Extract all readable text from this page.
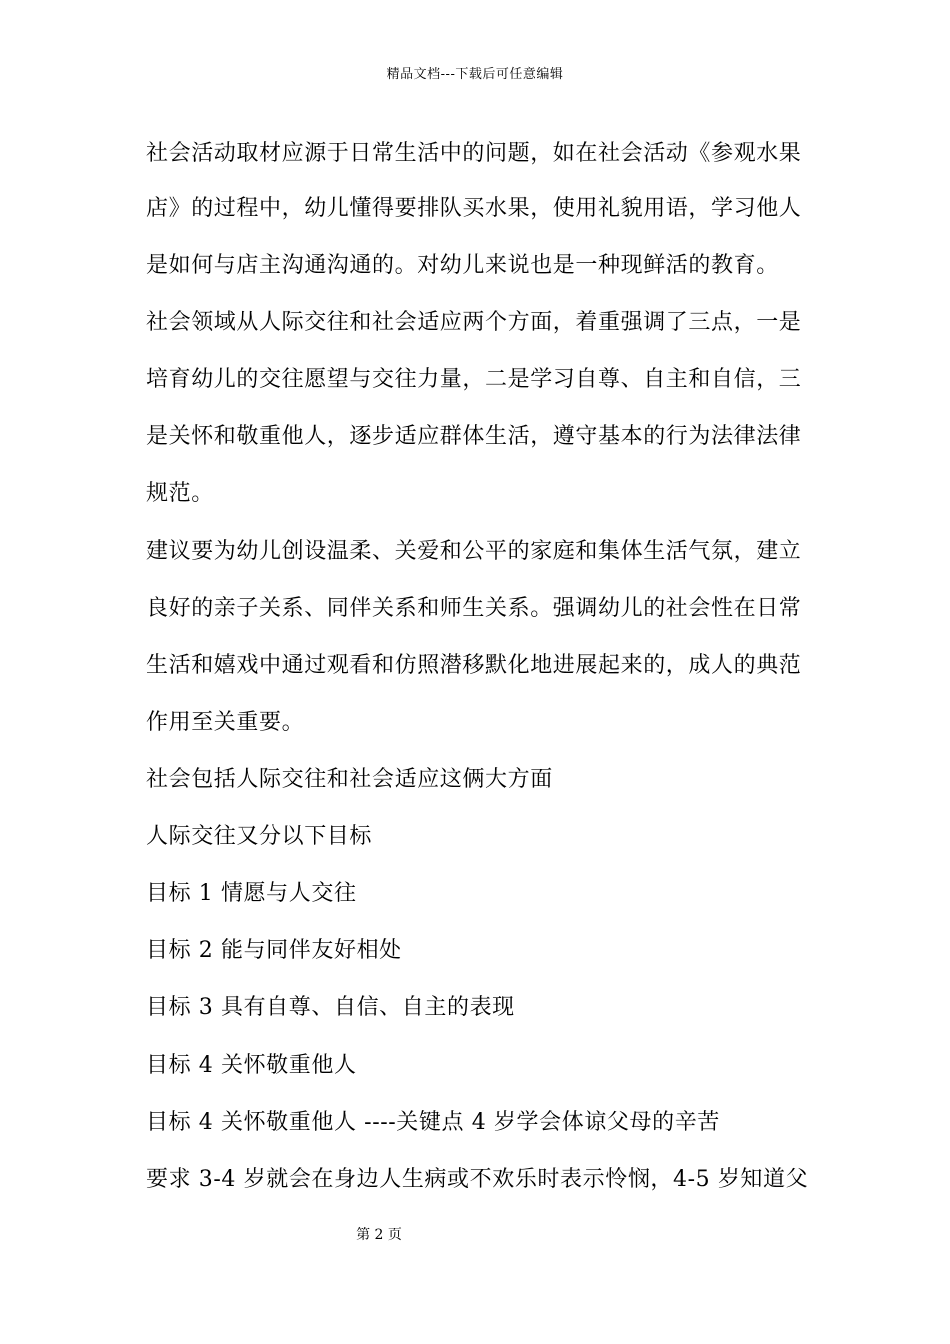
精品文档---下载后可任意编辑
社会活动取材应源于日常生活中的问题，如在社会活动《参观水果
店》的过程中，幼儿懂得要排队买水果，使用礼貌用语，学习他人
是如何与店主沟通沟通的。对幼儿来说也是一种现鲜活的教育。
社会领域从人际交往和社会适应两个方面，着重强调了三点，一是
培育幼儿的交往愿望与交往力量，二是学习自尊、自主和自信，三
是关怀和敬重他人，逐步适应群体生活，遵守基本的行为法律法律
规范。
建议要为幼儿创设温柔、关爱和公平的家庭和集体生活气氛，建立
良好的亲子关系、同伴关系和师生关系。强调幼儿的社会性在日常
生活和嬉戏中通过观看和仿照潜移默化地进展起来的，成人的典范
作用至关重要。
社会包括人际交往和社会适应这俩大方面
人际交往又分以下目标
目标 1 情愿与人交往
目标 2 能与同伴友好相处
目标 3 具有自尊、自信、自主的表现
目标 4 关怀敬重他人
目标 4 关怀敬重他人 ----关键点 4 岁学会体谅父母的辛苦
要求 3-4 岁就会在身边人生病或不欢乐时表示怜悯，4-5 岁知道父
第 2 页
